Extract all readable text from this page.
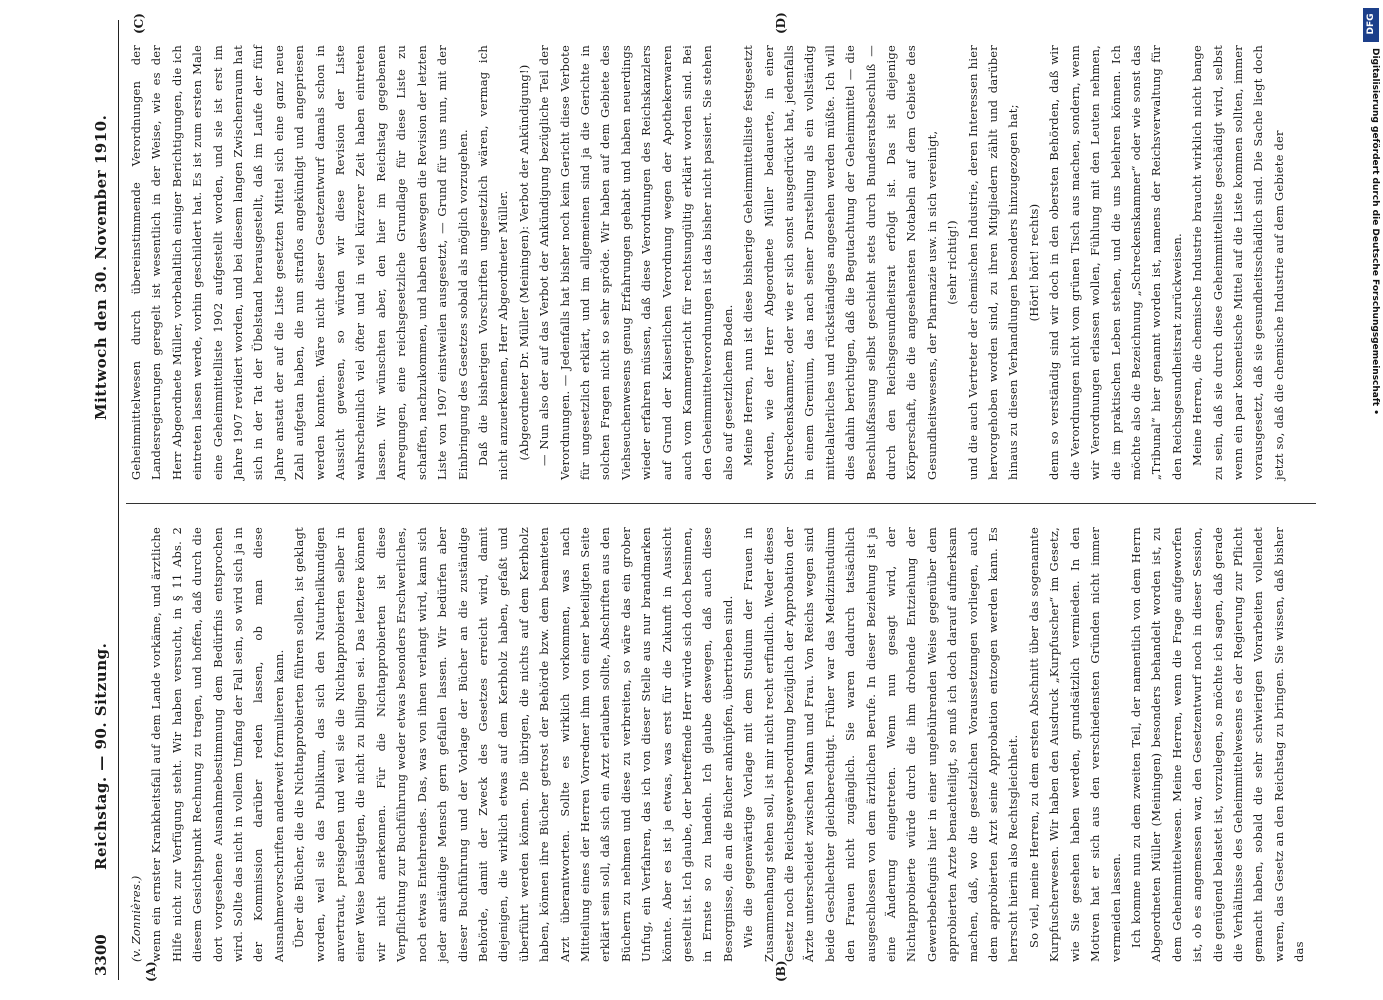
3300
Reichstag. — 90. Sitzung.
Mittwoch den 30. November 1910.
(A)	(B)
(C)	(D)

(v. Zonnières.) wenn ein ernster Krankheitsfall auf dem Lande vorkäme, und ärztliche Hilfe nicht zur Verfügung steht. Wir haben versucht, in § 11 Abs. 2 diesem Gesichtspunkt Rechnung zu tragen, und hoffen, daß durch die dort vorgesehene Ausnahmebestimmung dem Bedürfnis entsprochen wird. Sollte das nicht in vollem Umfang der Fall sein, so wird sich ja in der Kommission darüber reden lassen, ob man diese Ausnahmevorschriften anderweit formulieren kann. Über die Bücher, die die Nichtapprobierten führen sollen, ist geklagt worden, weil sie das Publikum, das sich den Naturheilkundigen anvertraut, preisgeben und weil sie die Nichtapprobierten selber in einer Weise belästigten, die nicht zu billigen sei. Das letztere können wir nicht anerkennen. Für die Nichtapprobierten ist diese Verpflichtung zur Buchführung weder etwas besonders Erschwerliches, noch etwas Entehrendes. Das, was von ihnen verlangt wird, kann sich jeder anständige Mensch gern gefallen lassen. Wir bedürfen aber dieser Buchführung und der Vorlage der Bücher an die zuständige Behörde, damit der Zweck des Gesetzes erreicht wird, damit diejenigen, die wirklich etwas auf dem Kerbholz haben, gefaßt und überführt werden können. Die übrigen, die nichts auf dem Kerbholz haben, können ihre Bücher getrost der Behörde bzw. dem beamteten Arzt überantworten. Sollte es wirklich vorkommen, was nach Mitteilung eines der Herren Vorredner ihm von einer beteiligten Seite erklärt sein soll, daß sich ein Arzt erlauben sollte, Abschriften aus den Büchern zu nehmen und diese zu verbreiten, so wäre das ein grober Unfug, ein Verfahren, das ich von dieser Stelle aus nur brandmarken könnte. Aber es ist ja etwas, was erst für die Zukunft in Aussicht gestellt ist. Ich glaube, der betreffende Herr würde sich doch besinnen, in Ernste so zu handeln. Ich glaube deswegen, daß auch diese Besorgnisse, die an die Bücher anknüpfen, übertrieben sind. Wie die gegenwärtige Vorlage mit dem Studium der Frauen in Zusammenhang stehen soll, ist mir nicht recht erfindlich. Weder dieses Gesetz noch die Reichsgewerbeordnung bezüglich der Approbation der Ärzte unterscheidet zwischen Mann und Frau. Von Reichs wegen sind beide Geschlechter gleichberechtigt. Früher war das Medizinstudium den Frauen nicht zugänglich. Sie waren dadurch tatsächlich ausgeschlossen von dem ärztlichen Berufe. In dieser Beziehung ist ja eine Änderung eingetreten. Wenn nun gesagt wird, der Nichtapprobierte würde durch die ihm drohende Entziehung der Gewerbebefugnis hier in einer ungebührenden Weise gegenüber dem approbierten Arzte benachteiligt, so muß ich doch darauf aufmerksam machen, daß, wo die gesetzlichen Voraussetzungen vorliegen, auch dem approbierten Arzt seine Approbation entzogen werden kann. Es herrscht hierin also Rechtsgleichheit. So viel, meine Herren, zu dem ersten Abschnitt über das sogenannte Kurpfuscherwesen. Wir haben den Ausdruck „Kurpfuscher“ im Gesetz, wie Sie gesehen haben werden, grundsätzlich vermieden. In den Motiven hat er sich aus den verschiedensten Gründen nicht immer vermeiden lassen. Ich komme nun zu dem zweiten Teil, der namentlich von dem Herrn Abgeordneten Müller (Meiningen) besonders behandelt worden ist, zu dem Geheimmittelwesen. Meine Herren, wenn die Frage aufgeworfen ist, ob es angemessen war, den Gesetzentwurf noch in dieser Session, die genügend belastet ist, vorzulegen, so möchte ich sagen, daß gerade die Verhältnisse des Geheimmittelwesens es der Regierung zur Pflicht gemacht haben, sobald die sehr schwierigen Vorarbeiten vollendet waren, das Gesetz an den Reichstag zu bringen. Sie wissen, daß bisher das

Geheimmittelwesen durch übereinstimmende Verordnungen der Landesregierungen geregelt ist wesentlich in der Weise, wie es der Herr Abgeordnete Müller, vorbehaltlich einiger Berichtigungen, die ich eintreten lassen werde, vorhin geschildert hat. Es ist zum ersten Male eine Geheimmittelliste 1902 aufgestellt worden, und sie ist erst im Jahre 1907 revidiert worden, und bei diesem langen Zwischenraum hat sich in der Tat der Übelstand herausgestellt, daß im Laufe der fünf Jahre anstatt der auf die Liste gesetzten Mittel sich eine ganz neue Zahl aufgetan haben, die nun straflos angekündigt und angepriesen werden konnten. Wäre nicht dieser Gesetzentwurf damals schon in Aussicht gewesen, so würden wir diese Revision der Liste wahrscheinlich viel öfter und in viel kürzerer Zeit haben eintreten lassen. Wir wünschten aber, den hier im Reichstag gegebenen Anregungen, eine reichsgesetzliche Grundlage für diese Liste zu schaffen, nachzukommen, und haben deswegen die Revision der letzten Liste von 1907 einstweilen ausgesetzt, — Grund für uns nun, mit der Einbringung des Gesetzes sobald als möglich vorzugehen. Daß die bisherigen Vorschriften ungesetzlich wären, vermag ich nicht anzuerkennen, Herr Abgeordneter Müller. (Abgeordneter Dr. Müller (Meiningen): Verbot der Ankündigung!) — Nun also der auf das Verbot der Ankündigung bezügliche Teil der Verordnungen. — Jedenfalls hat bisher noch kein Gericht diese Verbote für ungesetzlich erklärt, und im allgemeinen sind ja die Gerichte in solchen Fragen nicht so sehr spröde. Wir haben auf dem Gebiete des Viehseuchenwesens genug Erfahrungen gehabt und haben neuerdings wieder erfahren müssen, daß diese Verordnungen des Reichskanzlers auf Grund der Kaiserlichen Verordnung wegen der Apothekerwaren auch vom Kammergericht für rechtsungültig erklärt worden sind. Bei den Geheimmittelverordnungen ist das bisher nicht passiert. Sie stehen also auf gesetzlichem Boden. Meine Herren, nun ist diese bisherige Geheimmittelliste festgesetzt worden, wie der Herr Abgeordnete Müller bedauerte, in einer Schreckenskammer, oder wie er sich sonst ausgedrückt hat, jedenfalls in einem Gremium, das nach seiner Darstellung als ein vollständig mittelalterliches und rückständiges angesehen werden müßte. Ich will dies dahin berichtigen, daß die Begutachtung der Geheimmittel — die Beschlußfassung selbst geschieht stets durch Bundesratsbeschluß — durch den Reichsgesundheitsrat erfolgt ist. Das ist diejenige Körperschaft, die die angesehensten Notabeln auf dem Gebiete des Gesundheitswesens, der Pharmazie usw. in sich vereinigt, (sehr richtig!) und die auch Vertreter der chemischen Industrie, deren Interessen hier hervorgehoben worden sind, zu ihren Mitgliedern zählt und darüber hinaus zu diesen Verhandlungen besonders hinzugezogen hat; (Hört! hört! rechts) denn so verständig sind wir doch in den obersten Behörden, daß wir die Verordnungen nicht vom grünen Tisch aus machen, sondern, wenn wir Verordnungen erlassen wollen, Fühlung mit den Leuten nehmen, die im praktischen Leben stehen, und die uns belehren können. Ich möchte also die Bezeichnung „Schreckenskammer“ oder wie sonst das „Tribunal“ hier genannt worden ist, namens der Reichsverwaltung für den Reichsgesundheitsrat zurückweisen. Meine Herren, die chemische Industrie braucht wirklich nicht bange zu sein, daß sie durch diese Geheimmittelliste geschädigt wird, selbst wenn ein paar kosmetische Mittel auf die Liste kommen sollten, immer vorausgesetzt, daß sie gesundheitsschädlich sind. Die Sache liegt doch jetzt so, daß die chemische Industrie auf dem Gebiete der

DFG
Digitalisierung gefördert durch die Deutsche Forschungsgemeinschaft •
